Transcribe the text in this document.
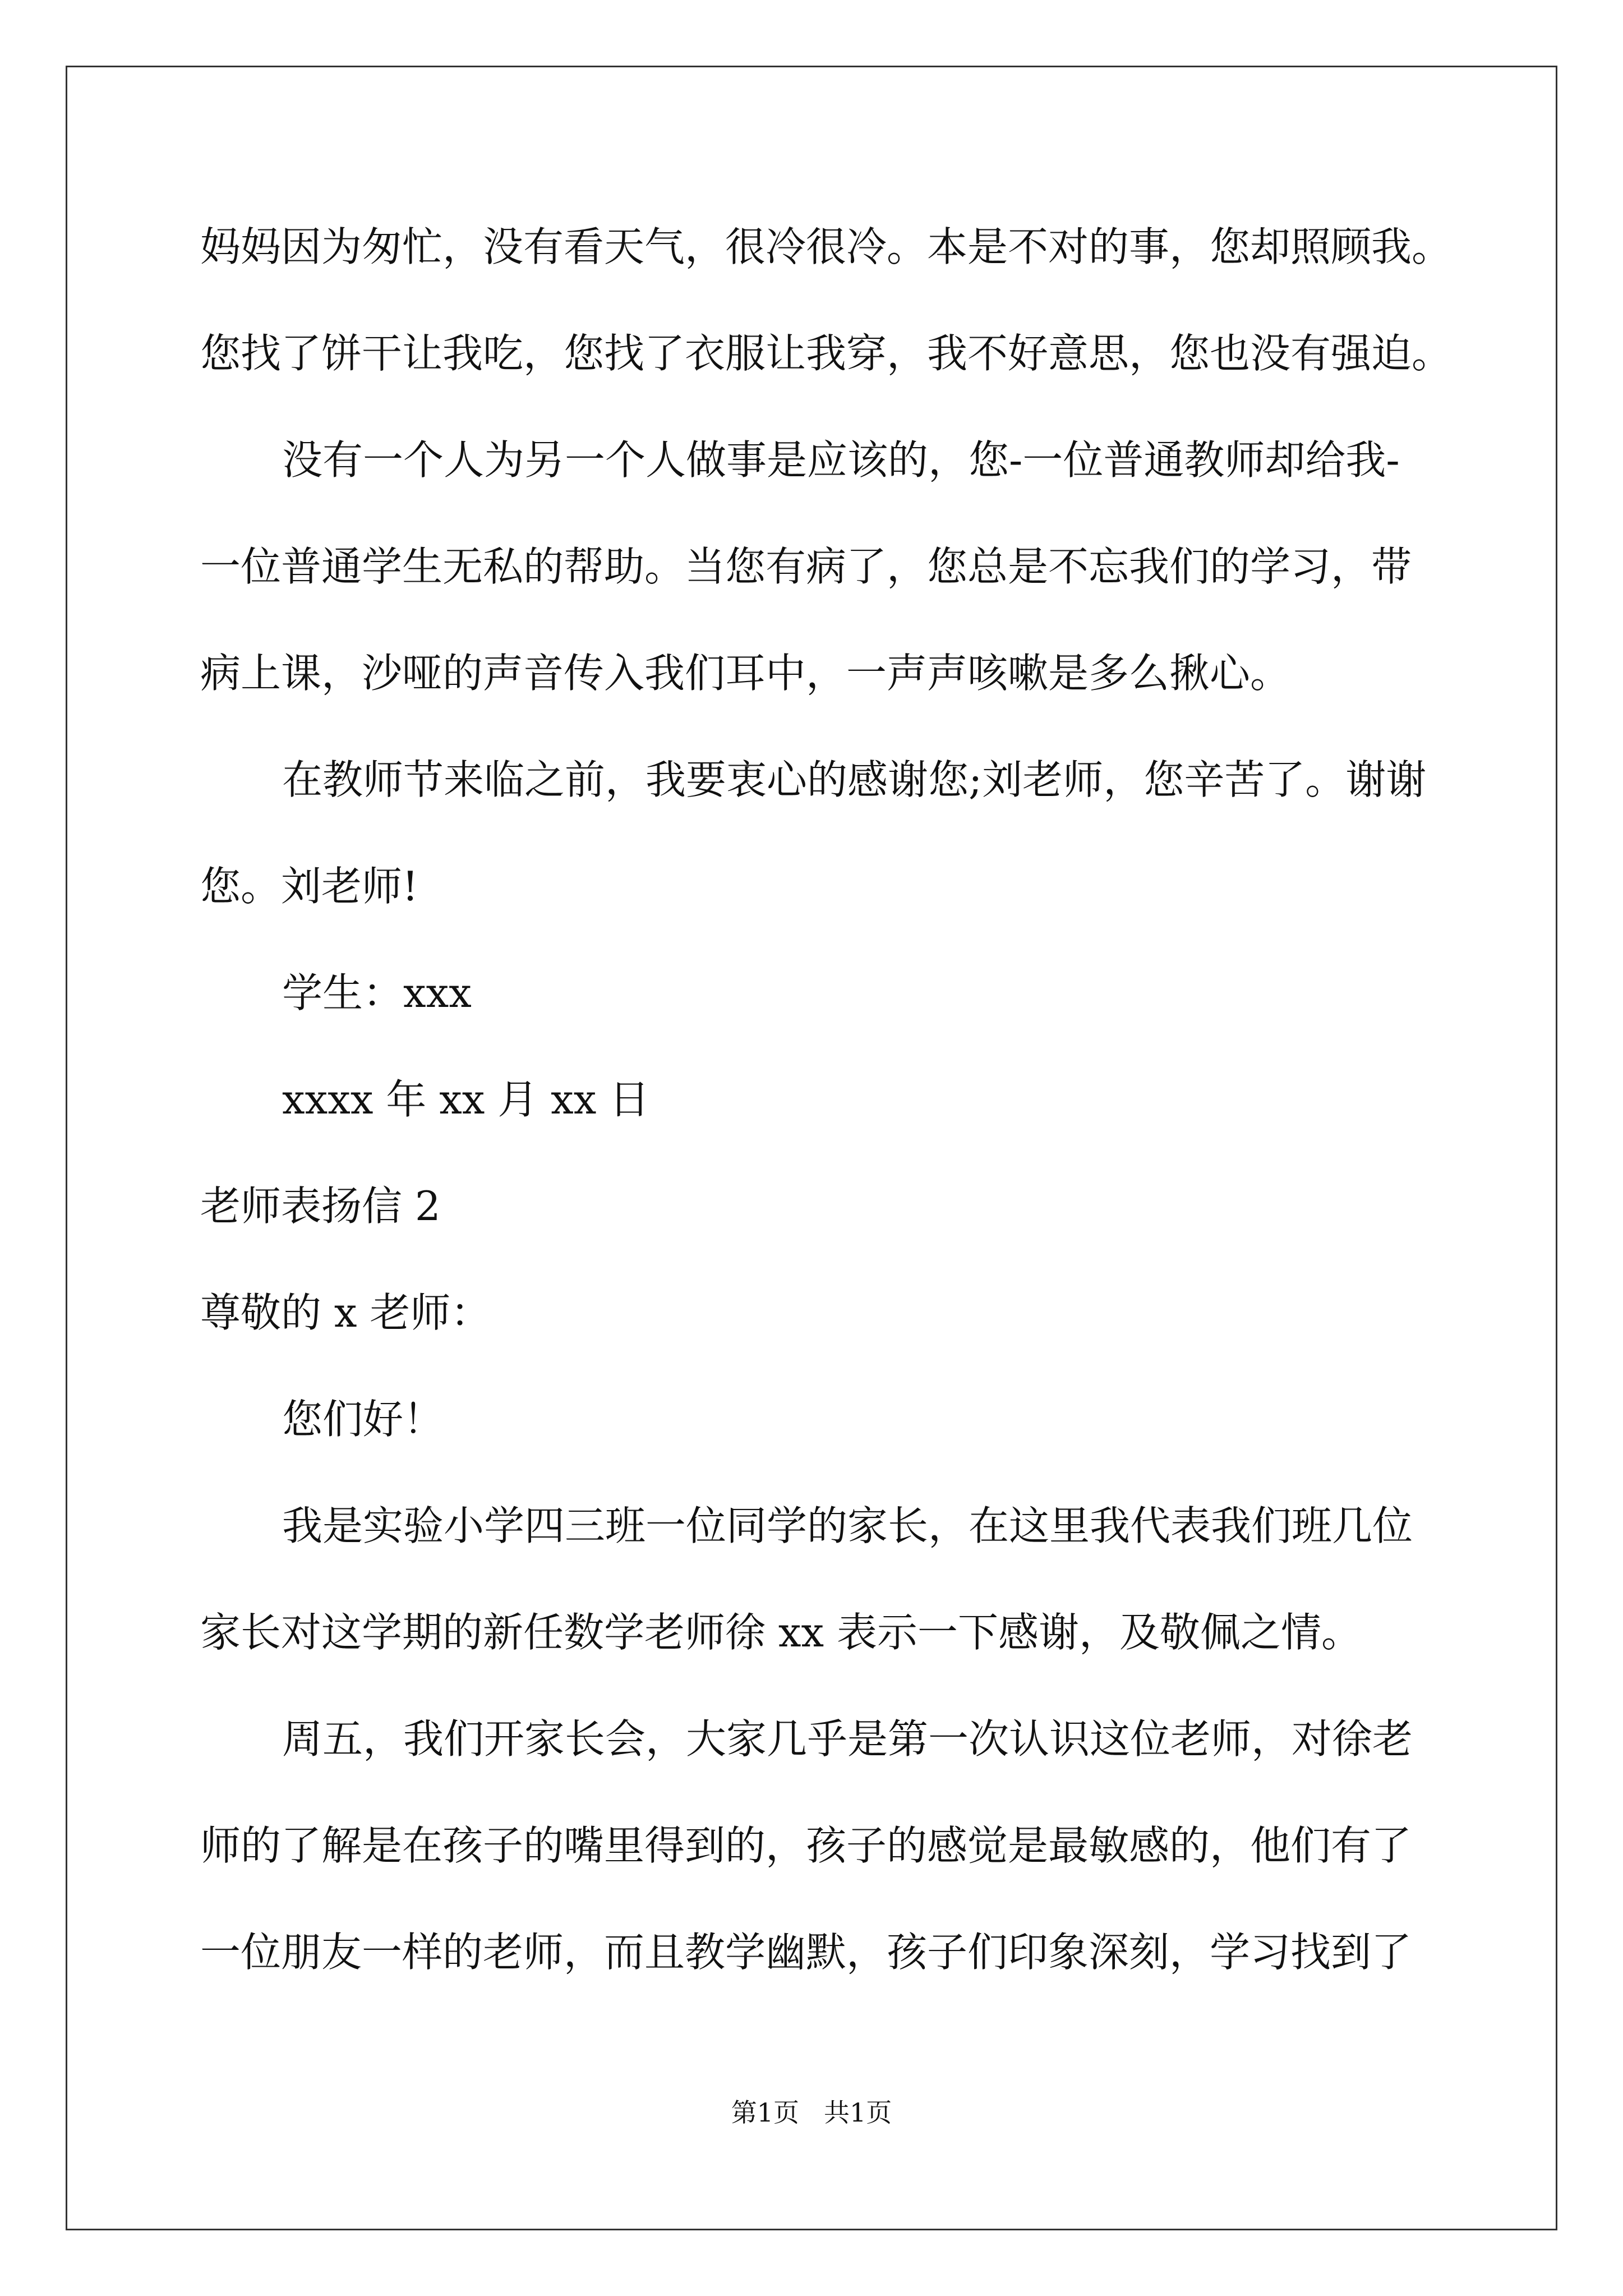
妈妈因为匆忙，没有看天气，很冷很冷。本是不对的事，您却照顾我。
您找了饼干让我吃，您找了衣服让我穿，我不好意思，您也没有强迫。
没有一个人为另一个人做事是应该的，您-一位普通教师却给我-
一位普通学生无私的帮助。当您有病了，您总是不忘我们的学习，带
病上课，沙哑的声音传入我们耳中，一声声咳嗽是多么揪心。
在教师节来临之前，我要衷心的感谢您;刘老师，您辛苦了。谢谢
您。刘老师!
学生：xxx
xxxx 年 xx 月 xx 日
老师表扬信 2
尊敬的 x 老师：
您们好！
我是实验小学四三班一位同学的家长，在这里我代表我们班几位
家长对这学期的新任数学老师徐 xx 表示一下感谢，及敬佩之情。
周五，我们开家长会，大家几乎是第一次认识这位老师，对徐老
师的了解是在孩子的嘴里得到的，孩子的感觉是最敏感的，他们有了
一位朋友一样的老师，而且教学幽默，孩子们印象深刻，学习找到了
第1页 共1页
